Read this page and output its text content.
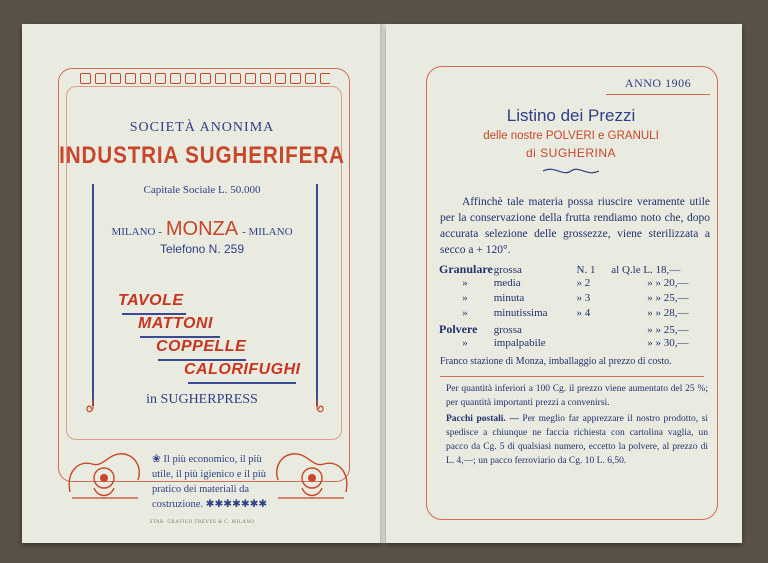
SOCIETÀ ANONIMA
INDUSTRIA SUGHERIFERA
Capitale Sociale L. 50.000
MILANO - MONZA - MILANO
Telefono N. 259
TAVOLE
MATTONI
COPPELLE
CALORIFUGHI
in SUGHERPRESS
❀ Il più economico, il più utile, il più igienico e il più pratico dei materiali da costruzione. ✱✱✱✱✱✱✱
STAB. GRAFICO TREVES & C. MILANO
ANNO 1906
Listino dei Prezzi
delle nostre POLVERI e GRANULI
di SUGHERINA
Affinchè tale materia possa riuscire veramente utile per la conservazione della frutta rendiamo noto che, dopo accurata selezione delle grossezze, viene sterilizzata a secco a + 120°.
Granulare grossa	N. 1 al Q.le L. 18,—
» media	» 2	» » 20,—
» minuta	» 3	» » 25,—
» minutissima	» 4	» » 28,—
Polvere grossa	» » 25,—
» impalpabile	» » 30,—
Franco stazione di Monza, imballaggio al prezzo di costo.
Per quantità inferiori a 100 Cg. il prezzo viene aumentato del 25 %; per quantità importanti prezzi a convenirsi.
Pacchi postali. — Per meglio far apprezzare il nostro prodotto, si spedisce a chiunque ne faccia richiesta con cartolina vaglia, un pacco da Cg. 5 di qualsiasi numero, eccetto la polvere, al prezzo di L. 4,—; un pacco ferroviario da Cg. 10 L. 6,50.
